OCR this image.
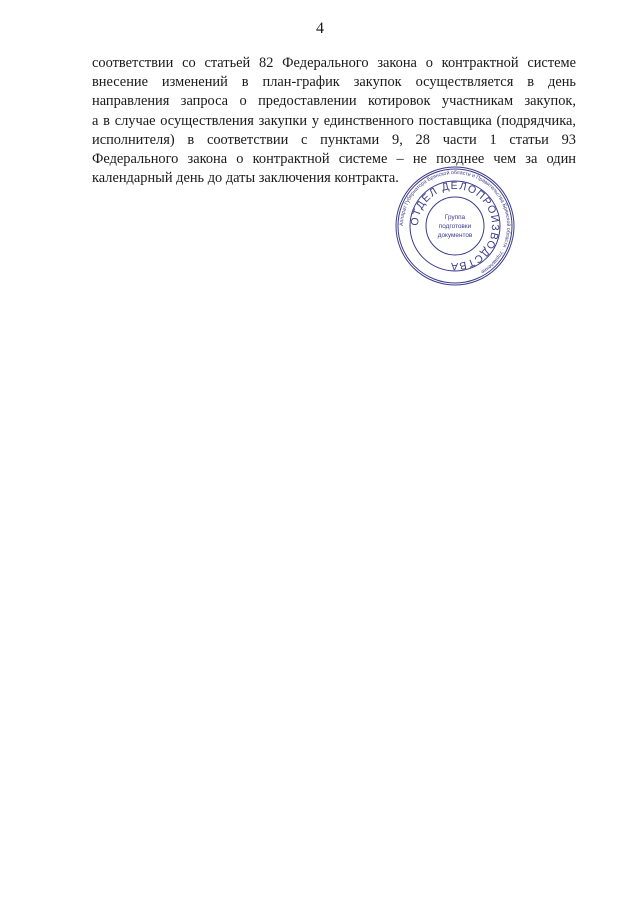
4
соответствии со статьей 82 Федерального закона о контрактной системе
внесение изменений в план-график закупок осуществляется в день
направления запроса о предоставлении котировок участникам закупок,
а в случае осуществления закупки у единственного поставщика (подрядчика,
исполнителя) в соответствии с пунктами 9, 28 части 1 статьи 93
Федерального закона о контрактной системе – не позднее чем за один
календарный день до даты заключения контракта.
Аппарат Губернатора Брянской области и Правительства Брянской области · Управление
ОТДЕЛ ДЕЛОПРОИЗВОДСТВА
Группа
подготовки
документов
